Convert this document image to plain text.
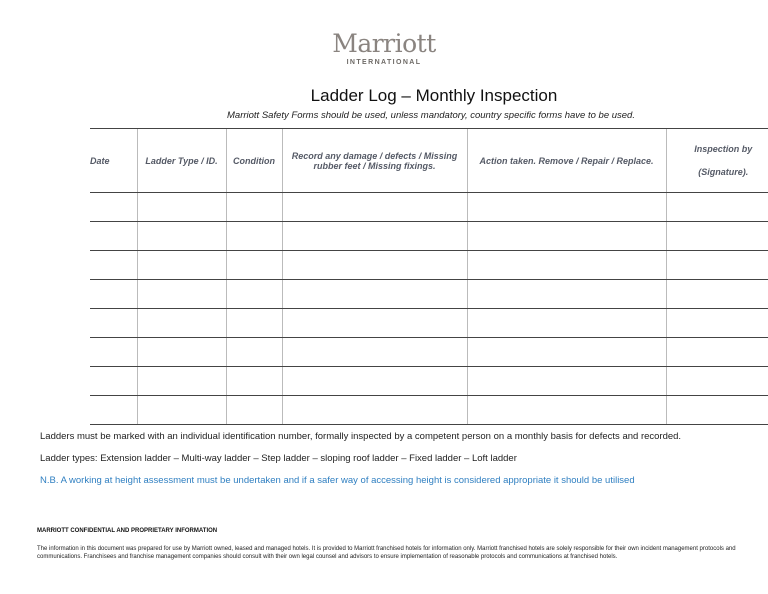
Marriott
INTERNATIONAL
Ladder Log – Monthly Inspection
Marriott Safety Forms should be used, unless mandatory, country specific forms have to be used.
Date	Ladder Type / ID.	Condition	Record any damage / defects / Missing rubber feet / Missing fixings.	Action taken. Remove / Repair / Replace.	Inspection by
(Signature).

Ladders must be marked with an individual identification number, formally inspected by a competent person on a monthly basis for defects and recorded.
Ladder types: Extension ladder – Multi-way ladder – Step ladder – sloping roof ladder – Fixed ladder – Loft ladder
N.B. A working at height assessment must be undertaken and if a safer way of accessing height is considered appropriate it should be utilised
MARRIOTT CONFIDENTIAL AND PROPRIETARY INFORMATION
The information in this document was prepared for use by Marriott owned, leased and managed hotels. It is provided to Marriott franchised hotels for information only. Marriott franchised hotels are solely responsible for their own incident management protocols and communications. Franchisees and franchise management companies should consult with their own legal counsel and advisors to ensure implementation of reasonable protocols and communications at franchised hotels.
